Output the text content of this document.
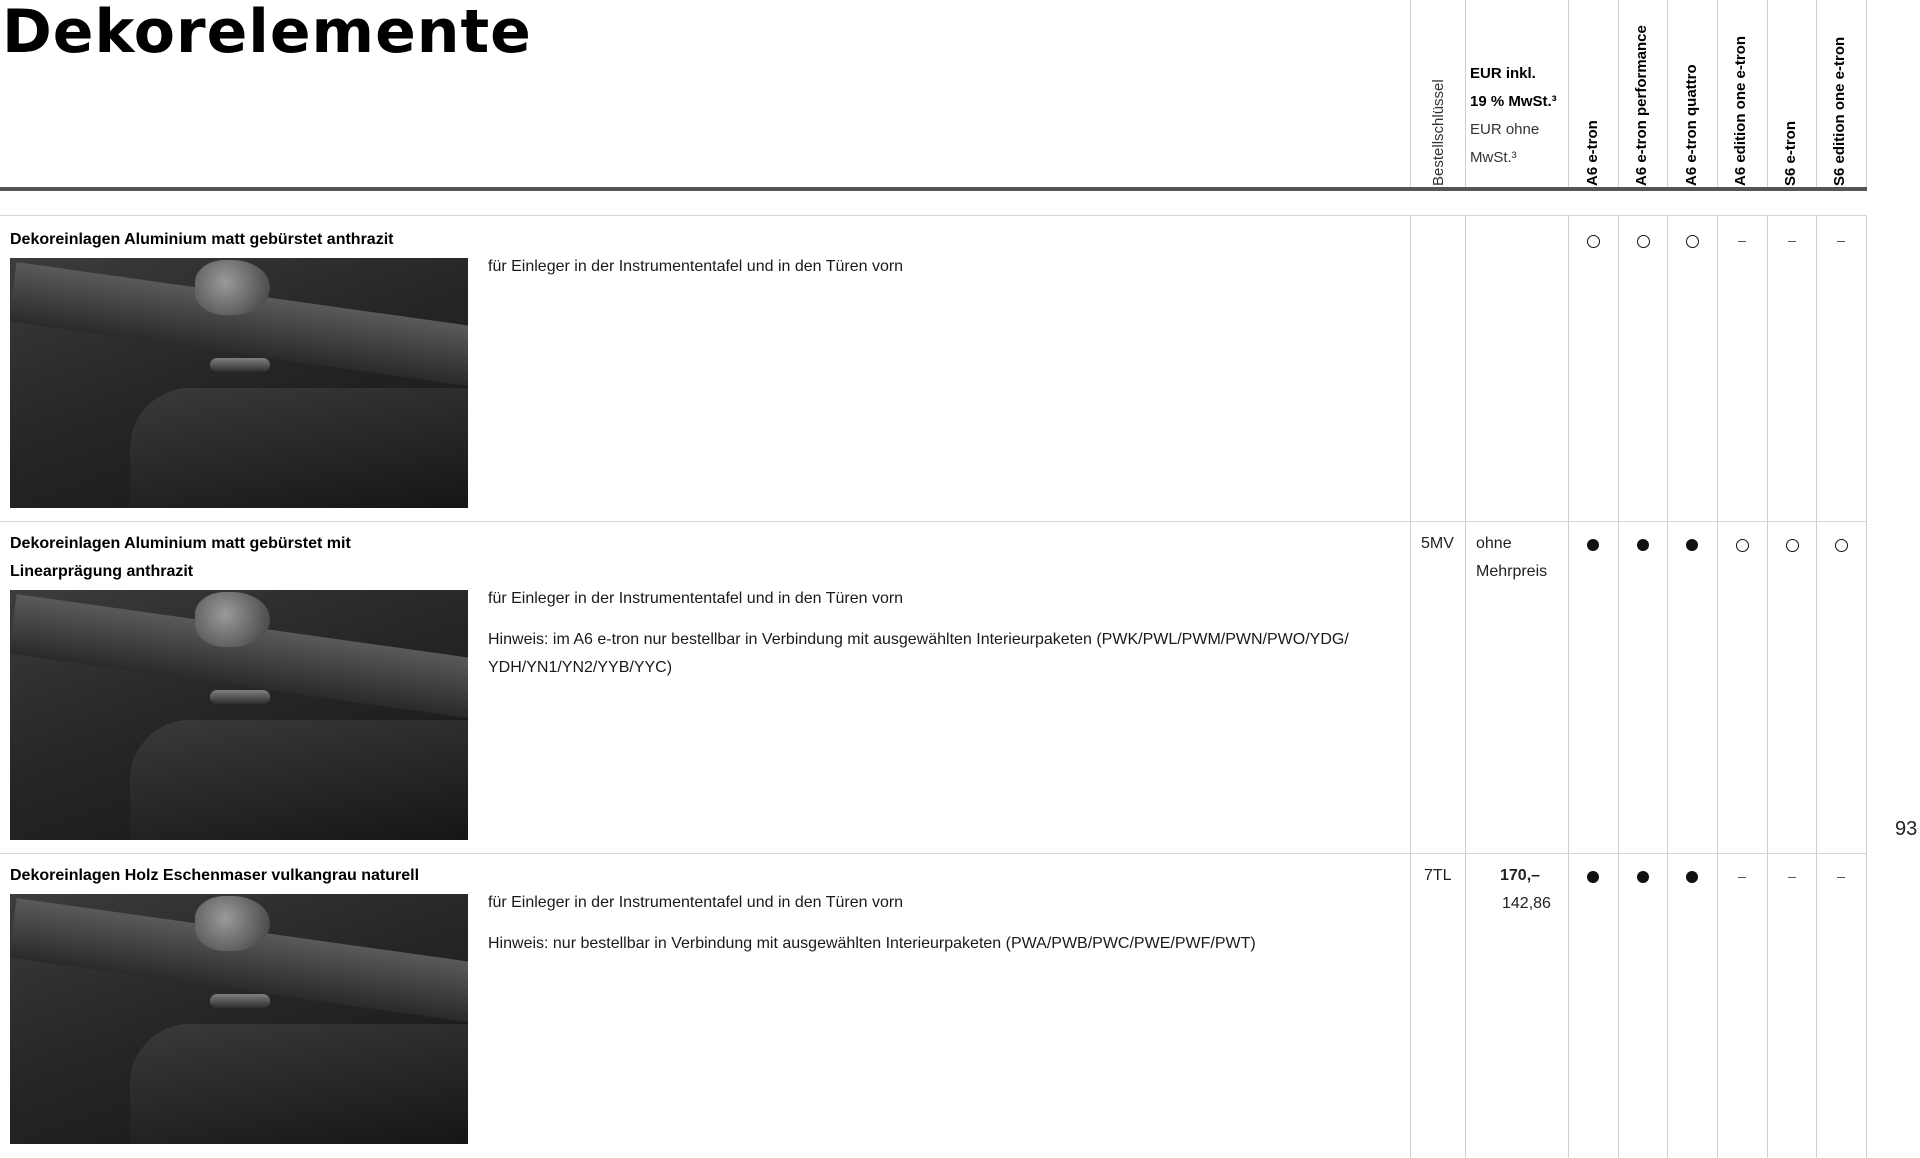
Dekorelemente
Bestellschlüssel
EUR inkl.
19 % MwSt.³
EUR ohne
MwSt.³	A6 e-tron A6 e-tron performance A6 e-tron quattro A6 edition one e-tron S6 e-tron S6 edition one e-tron
Dekoreinlagen Aluminium matt gebürstet anthrazit
für Einleger in der Instrumententafel und in den Türen vorn
Dekoreinlagen Aluminium matt gebürstet mit
Linearprägung anthrazit
für Einleger in der Instrumententafel und in den Türen vorn
Hinweis: im A6 e-tron nur bestellbar in Verbindung mit ausgewählten Interieurpaketen (PWK/PWL/PWM/PWN/PWO/YDG/
YDH/YN1/YN2/YYB/YYC)
5MV ohne
Mehrpreis
Dekoreinlagen Holz Eschenmaser vulkangrau naturell
für Einleger in der Instrumententafel und in den Türen vorn
Hinweis: nur bestellbar in Verbindung mit ausgewählten Interieurpaketen (PWA/PWB/PWC/PWE/PWF/PWT)
7TL	170,–
142,86
93
